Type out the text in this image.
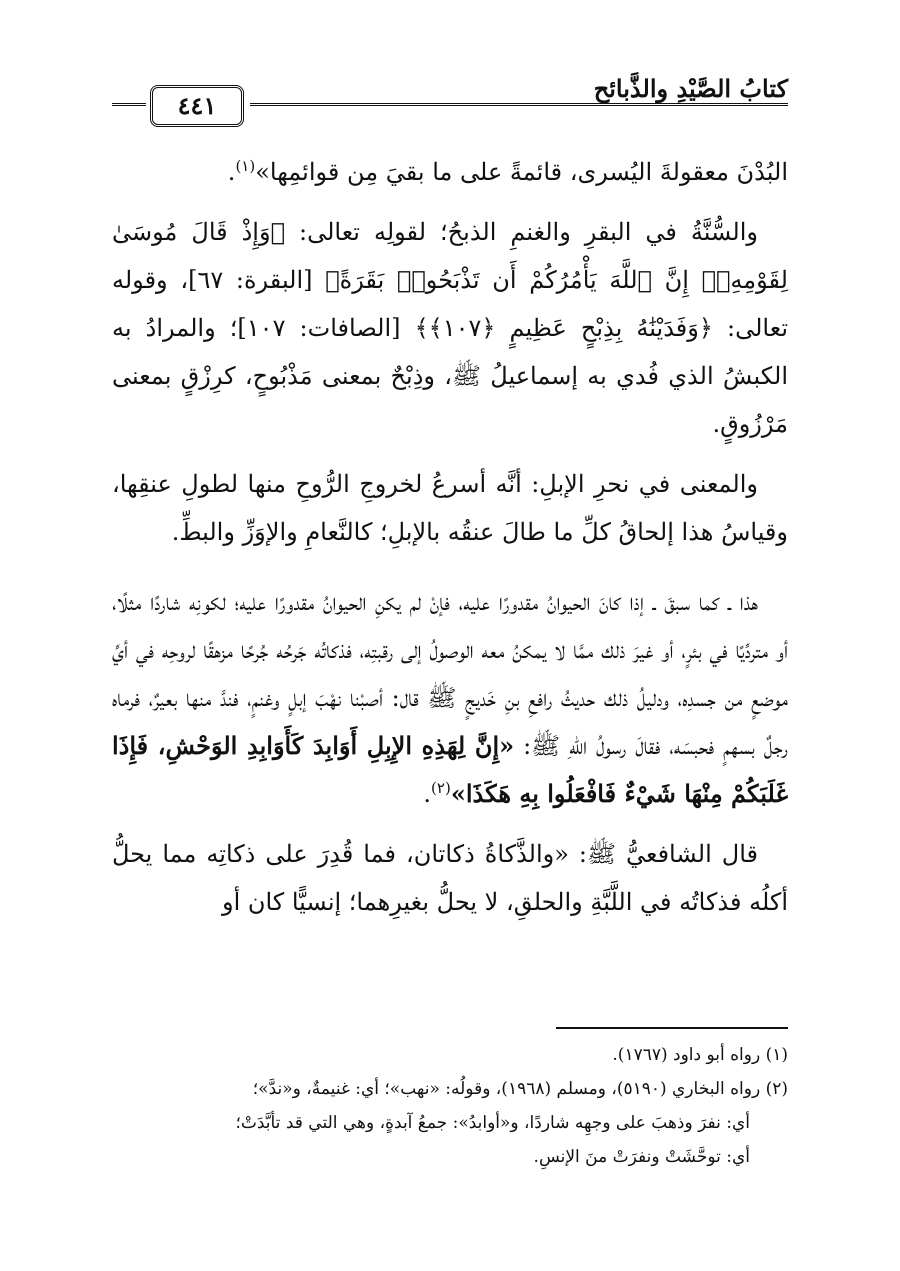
كتابُ الصَّيْدِ والذَّبائح
٤٤١

البُدْنَ معقولةَ اليُسرى، قائمةً على ما بقيَ مِن قوائمِها»$^{(١)}$.

والسُّنَّةُ في البقرِ والغنمِ الذبحُ؛ لقولِه تعالى: ﴿وَإِذْ قَالَ مُوسَىٰ لِقَوْمِهِۦٓ إِنَّ ٱللَّهَ يَأْمُرُكُمْ أَن تَذْبَحُوا۟ بَقَرَةً﴾ [البقرة: ٦٧]، وقوله تعالى: ﴿وَفَدَيْنَٰهُ بِذِبْحٍ عَظِيمٍ ﴿١٠٧﴾﴾ [الصافات: ١٠٧]؛ والمرادُ به الكبشُ الذي فُدي به إسماعيلُ ﷺ، وذِبْحٌ بمعنى مَذْبُوحٍ، كرِزْقٍ بمعنى مَرْزُوقٍ.

والمعنى في نحرِ الإبلِ: أنَّه أسرعُ لخروجِ الرُّوحِ منها لطولِ عنقِها، وقياسُ هذا إلحاقُ كلِّ ما طالَ عنقُه بالإبلِ؛ كالنَّعامِ والإوَزِّ والبطِّ.

هذا ـ كما سبقَ ـ إذا كانَ الحيوانُ مقدورًا عليه، فإنْ لم يكنِ الحيوانُ مقدورًا عليه؛ لكونِه شاردًا مثلًا، أو متردِّيًا في بئرٍ، أو غيرَ ذلك ممَّا لا يمكنُ معه الوصولُ إلى رقبتِه، فذكاتُه جَرحُه جُرحًا مزهقًا لروحِه في أيِّ موضعٍ من جسدِه، ودليلُ ذلك حديثُ رافعِ بنِ خَديجٍ ﷺ قال: أصبْنا نهْبَ إبلٍ وغنمٍ، فندَّ منها بعيرٌ، فرماه رجلٌ بسهمٍ فحبسَه، فقالَ رسولُ اللهِ ﷺ: «إِنَّ لِهَذِهِ الإِبِلِ أَوَابِدَ كَأَوَابِدِ الوَحْشِ، فَإِذَا غَلَبَكُمْ مِنْهَا شَيْءٌ فَافْعَلُوا بِهِ هَكَذَا»$^{(٢)}$.

قال الشافعيُّ ﷺ: «والذَّكاةُ ذكاتان، فما قُدِرَ على ذكاتِه مما يحلُّ أكلُه فذكاتُه في اللَّبَّةِ والحلقِ، لا يحلُّ بغيرِهما؛ إنسيًّا كان أو

(١) رواه أبو داود (١٧٦٧).
(٢) رواه البخاري (٥١٩٠)، ومسلم (١٩٦٨)، وقولُه: «نهب»؛ أي: غنيمةٌ، و«ندَّ»؛
أي: نفرَ وذهبَ على وجهِه شاردًا، و«أوابدُ»: جمعُ آبدةٍ، وهي التي قد تأبَّدَتْ؛
أي: توحَّشَتْ ونفرَتْ منَ الإنسِ.
